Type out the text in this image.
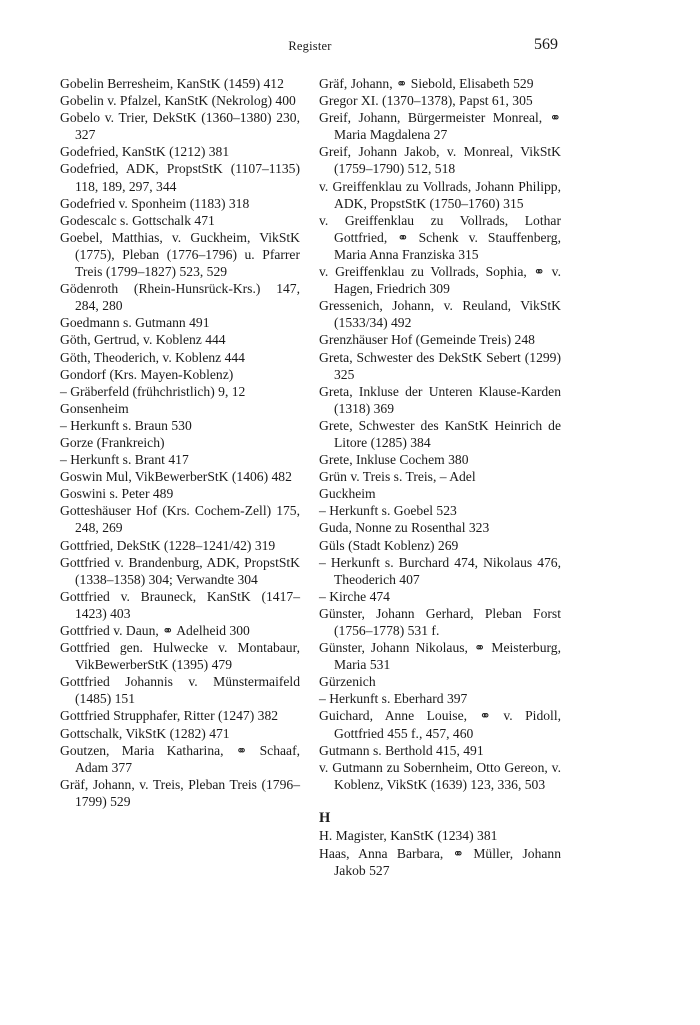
Register	569

Gobelin Berresheim, KanStK (1459) 412

Gobelin v. Pfalzel, KanStK (Nekrolog) 400

Gobelo v. Trier, DekStK (1360–1380) 230, 327

Godefried, KanStK (1212) 381

Godefried, ADK, PropstStK (1107–1135) 118, 189, 297, 344

Godefried v. Sponheim (1183) 318

Godescalc s. Gottschalk 471

Goebel, Matthias, v. Guckheim, VikStK (1775), Pleban (1776–1796) u. Pfarrer Treis (1799–1827) 523, 529

Gödenroth (Rhein-Hunsrück-Krs.) 147, 284, 280

Goedmann s. Gutmann 491

Göth, Gertrud, v. Koblenz 444

Göth, Theoderich, v. Koblenz 444

Gondorf (Krs. Mayen-Koblenz)

– Gräberfeld (frühchristlich) 9, 12

Gonsenheim

– Herkunft s. Braun 530

Gorze (Frankreich)

– Herkunft s. Brant 417

Goswin Mul, VikBewerberStK (1406) 482

Goswini s. Peter 489

Gotteshäuser Hof (Krs. Cochem-Zell) 175, 248, 269

Gottfried, DekStK (1228–1241/42) 319

Gottfried v. Brandenburg, ADK, PropstStK (1338–1358) 304; Verwandte 304

Gottfried v. Brauneck, KanStK (1417–1423) 403

Gottfried v. Daun, ⚭ Adelheid 300

Gottfried gen. Hulwecke v. Montabaur, VikBewerberStK (1395) 479

Gottfried Johannis v. Münstermaifeld (1485) 151

Gottfried Strupphafer, Ritter (1247) 382

Gottschalk, VikStK (1282) 471

Goutzen, Maria Katharina, ⚭ Schaaf, Adam 377

Gräf, Johann, v. Treis, Pleban Treis (1796–1799) 529

Gräf, Johann, ⚭ Siebold, Elisabeth 529

Gregor XI. (1370–1378), Papst 61, 305

Greif, Johann, Bürgermeister Monreal, ⚭ Maria Magdalena 27

Greif, Johann Jakob, v. Monreal, VikStK (1759–1790) 512, 518

v. Greiffenklau zu Vollrads, Johann Philipp, ADK, PropstStK (1750–1760) 315

v. Greiffenklau zu Vollrads, Lothar Gottfried, ⚭ Schenk v. Stauffenberg, Maria Anna Franziska 315

v. Greiffenklau zu Vollrads, Sophia, ⚭ v. Hagen, Friedrich 309

Gressenich, Johann, v. Reuland, VikStK (1533/34) 492

Grenzhäuser Hof (Gemeinde Treis) 248

Greta, Schwester des DekStK Sebert (1299) 325

Greta, Inkluse der Unteren Klause-Karden (1318) 369

Grete, Schwester des KanStK Heinrich de Litore (1285) 384

Grete, Inkluse Cochem 380

Grün v. Treis s. Treis, – Adel

Guckheim

– Herkunft s. Goebel 523

Guda, Nonne zu Rosenthal 323

Güls (Stadt Koblenz) 269

– Herkunft s. Burchard 474, Nikolaus 476, Theoderich 407

– Kirche 474

Günster, Johann Gerhard, Pleban Forst (1756–1778) 531 f.

Günster, Johann Nikolaus, ⚭ Meisterburg, Maria 531

Gürzenich

– Herkunft s. Eberhard 397

Guichard, Anne Louise, ⚭ v. Pidoll, Gottfried 455 f., 457, 460

Gutmann s. Berthold 415, 491

v. Gutmann zu Sobernheim, Otto Gereon, v. Koblenz, VikStK (1639) 123, 336, 503

H

H. Magister, KanStK (1234) 381

Haas, Anna Barbara, ⚭ Müller, Johann Jakob 527
